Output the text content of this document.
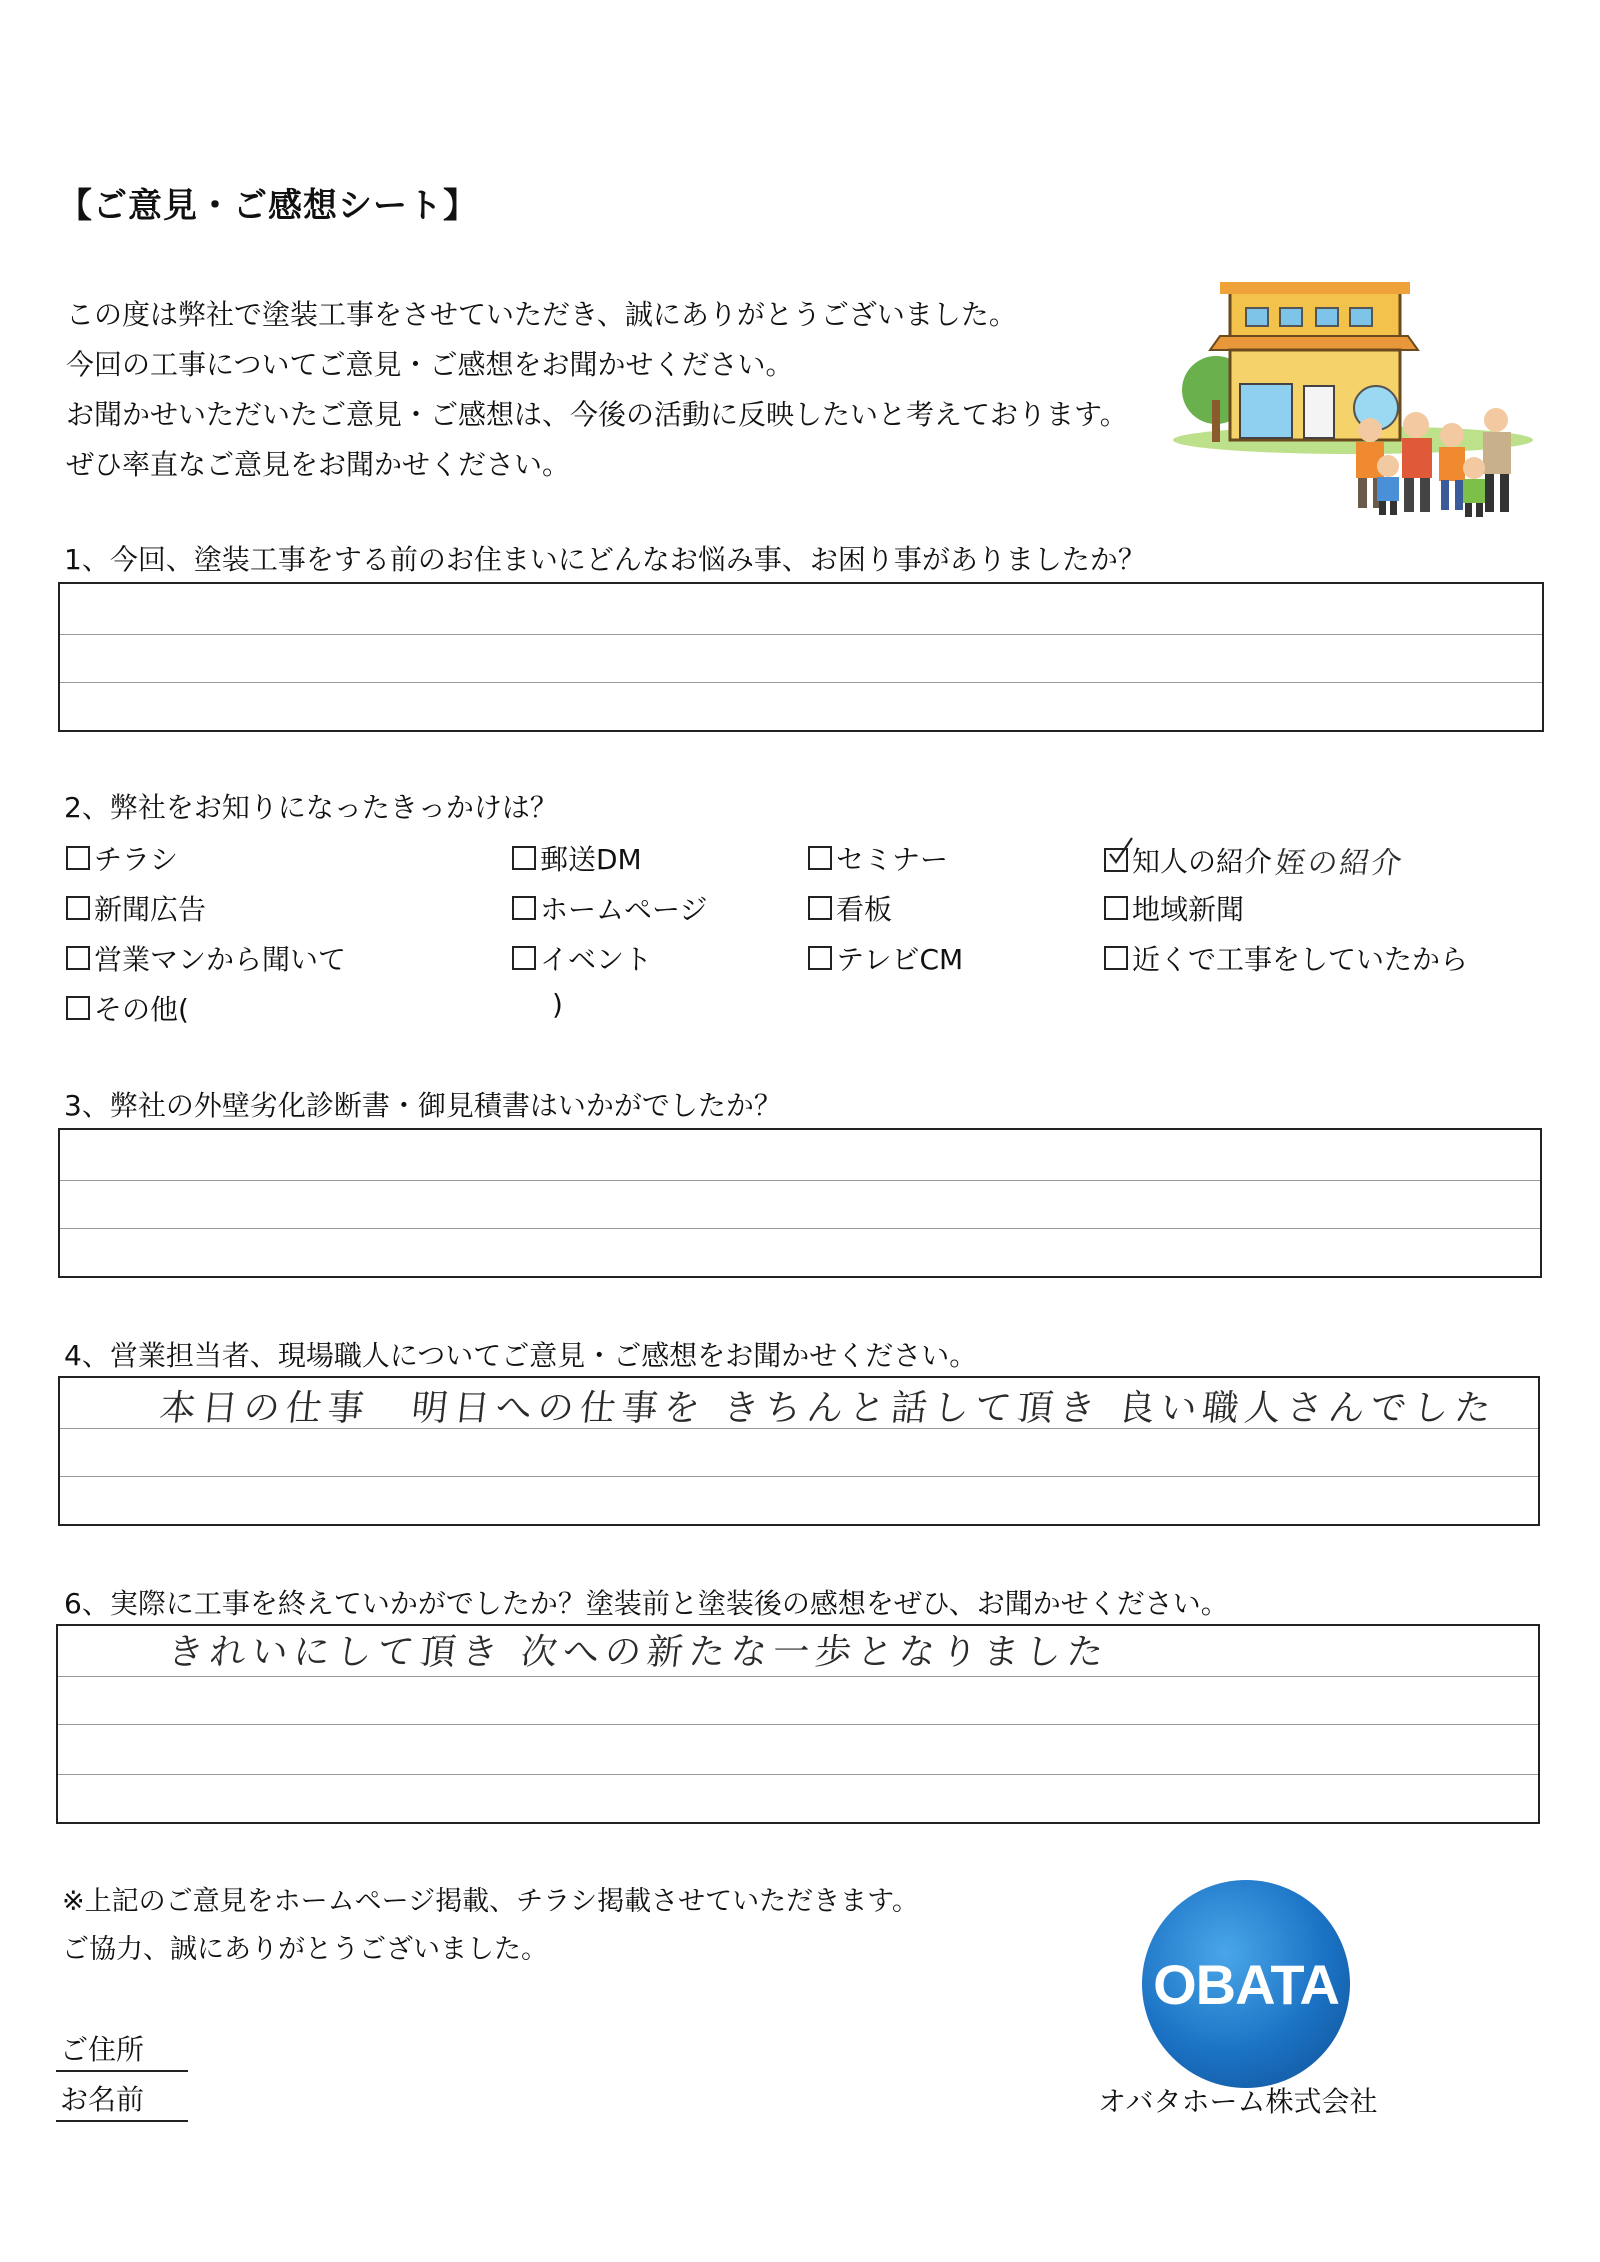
【ご意見・ご感想シート】
この度は弊社で塗装工事をさせていただき、誠にありがとうございました。
今回の工事についてご意見・ご感想をお聞かせください。
お聞かせいただいたご意見・ご感想は、今後の活動に反映したいと考えております。
ぜひ率直なご意見をお聞かせください。
1、今回、塗装工事をする前のお住まいにどんなお悩み事、お困り事がありましたか？
2、弊社をお知りになったきっかけは？
チラシ	郵送DM	セミナー	知人の紹介 姪の紹介
新聞広告	ホームページ	看板	地域新聞
営業マンから聞いて	イベント	テレビCM	近くで工事をしていたから
その他(	)
3、弊社の外壁劣化診断書・御見積書はいかがでしたか？
4、営業担当者、現場職人についてご意見・ご感想をお聞かせください。
本日の仕事　明日への仕事を きちんと話して頂き 良い職人さんでした
6、実際に工事を終えていかがでしたか？塗装前と塗装後の感想をぜひ、お聞かせください。
きれいにして頂き 次への新たな一歩となりました
※上記のご意見をホームページ掲載、チラシ掲載させていただきます。
ご協力、誠にありがとうございました。
ご住所
お名前
OBATA
オバタホーム株式会社
